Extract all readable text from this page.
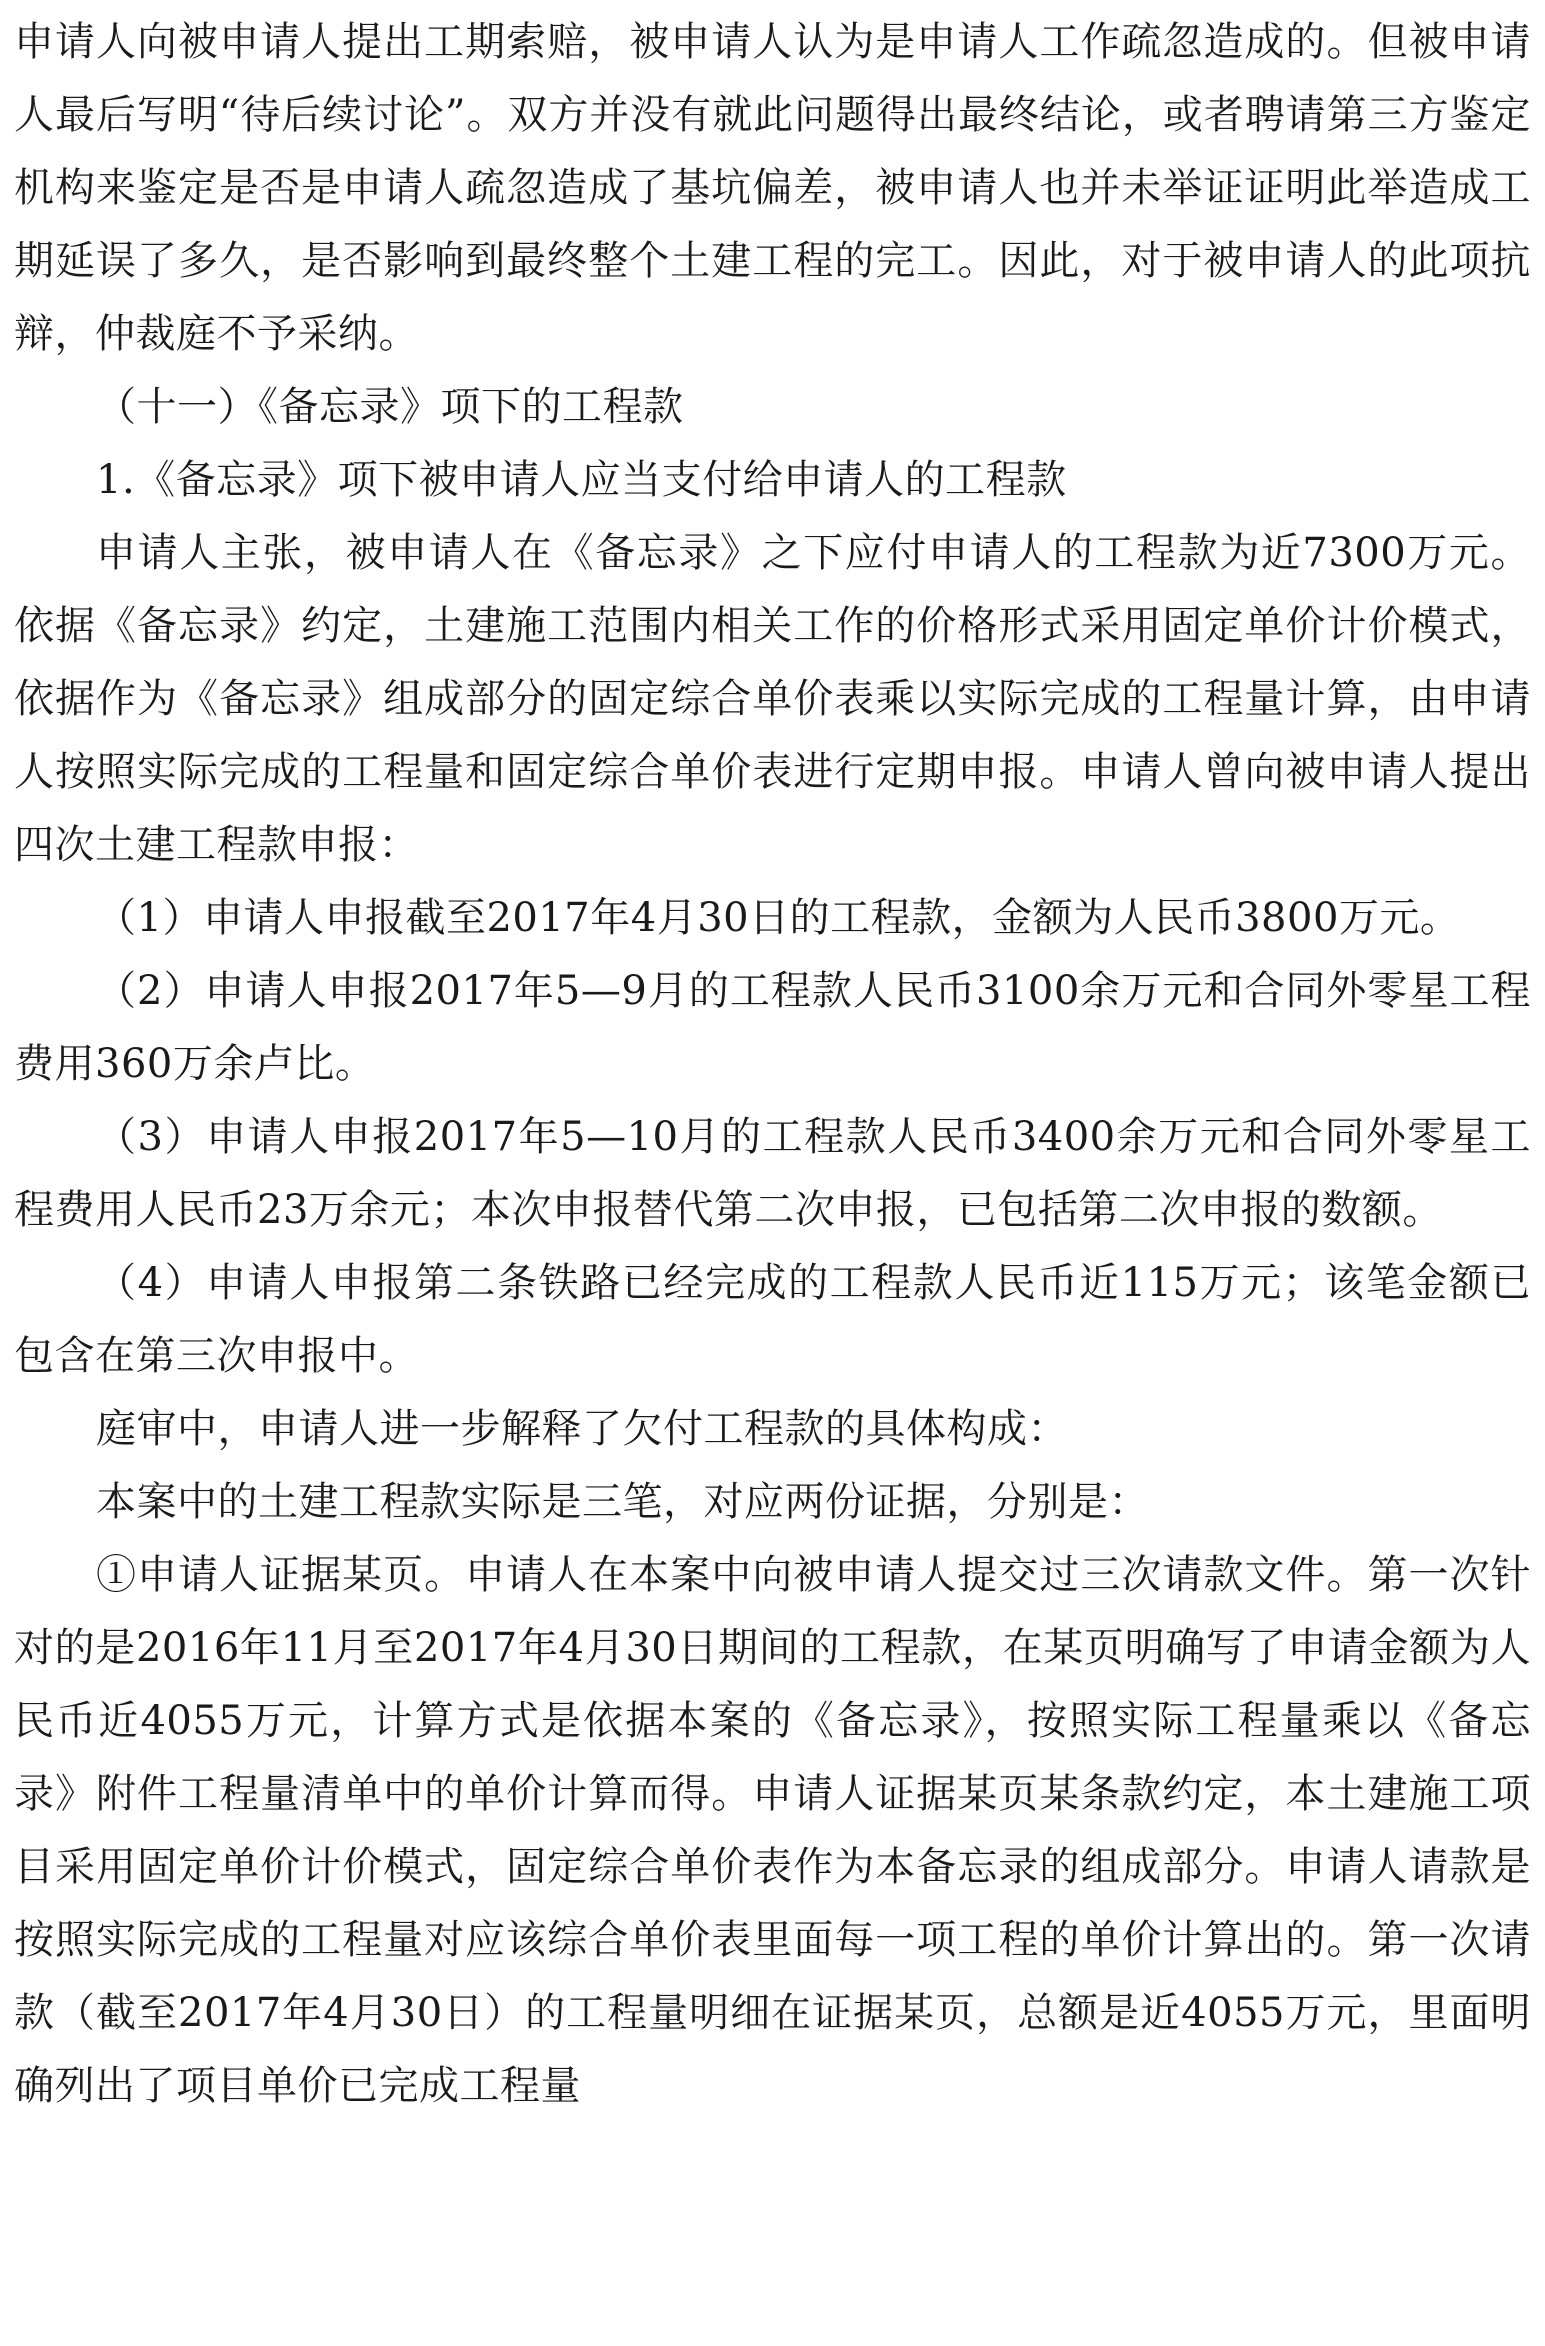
申请人向被申请人提出工期索赔，被申请人认为是申请人工作疏忽造成的。但被申请人最后写明“待后续讨论”。双方并没有就此问题得出最终结论，或者聘请第三方鉴定机构来鉴定是否是申请人疏忽造成了基坑偏差，被申请人也并未举证证明此举造成工期延误了多久，是否影响到最终整个土建工程的完工。因此，对于被申请人的此项抗辩，仲裁庭不予采纳。

（十一）《备忘录》项下的工程款

1.《备忘录》项下被申请人应当支付给申请人的工程款

申请人主张，被申请人在《备忘录》之下应付申请人的工程款为近7300万元。依据《备忘录》约定，土建施工范围内相关工作的价格形式采用固定单价计价模式，依据作为《备忘录》组成部分的固定综合单价表乘以实际完成的工程量计算，由申请人按照实际完成的工程量和固定综合单价表进行定期申报。申请人曾向被申请人提出四次土建工程款申报：

（1）申请人申报截至2017年4月30日的工程款，金额为人民币3800万元。

（2）申请人申报2017年5—9月的工程款人民币3100余万元和合同外零星工程费用360万余卢比。

（3）申请人申报2017年5—10月的工程款人民币3400余万元和合同外零星工程费用人民币23万余元；本次申报替代第二次申报，已包括第二次申报的数额。

（4）申请人申报第二条铁路已经完成的工程款人民币近115万元；该笔金额已包含在第三次申报中。

庭审中，申请人进一步解释了欠付工程款的具体构成：

本案中的土建工程款实际是三笔，对应两份证据，分别是：

①申请人证据某页。申请人在本案中向被申请人提交过三次请款文件。第一次针对的是2016年11月至2017年4月30日期间的工程款，在某页明确写了申请金额为人民币近4055万元，计算方式是依据本案的《备忘录》，按照实际工程量乘以《备忘录》附件工程量清单中的单价计算而得。申请人证据某页某条款约定，本土建施工项目采用固定单价计价模式，固定综合单价表作为本备忘录的组成部分。申请人请款是按照实际完成的工程量对应该综合单价表里面每一项工程的单价计算出的。第一次请款（截至2017年4月30日）的工程量明细在证据某页，总额是近4055万元，里面明确列出了项目单价已完成工程量
